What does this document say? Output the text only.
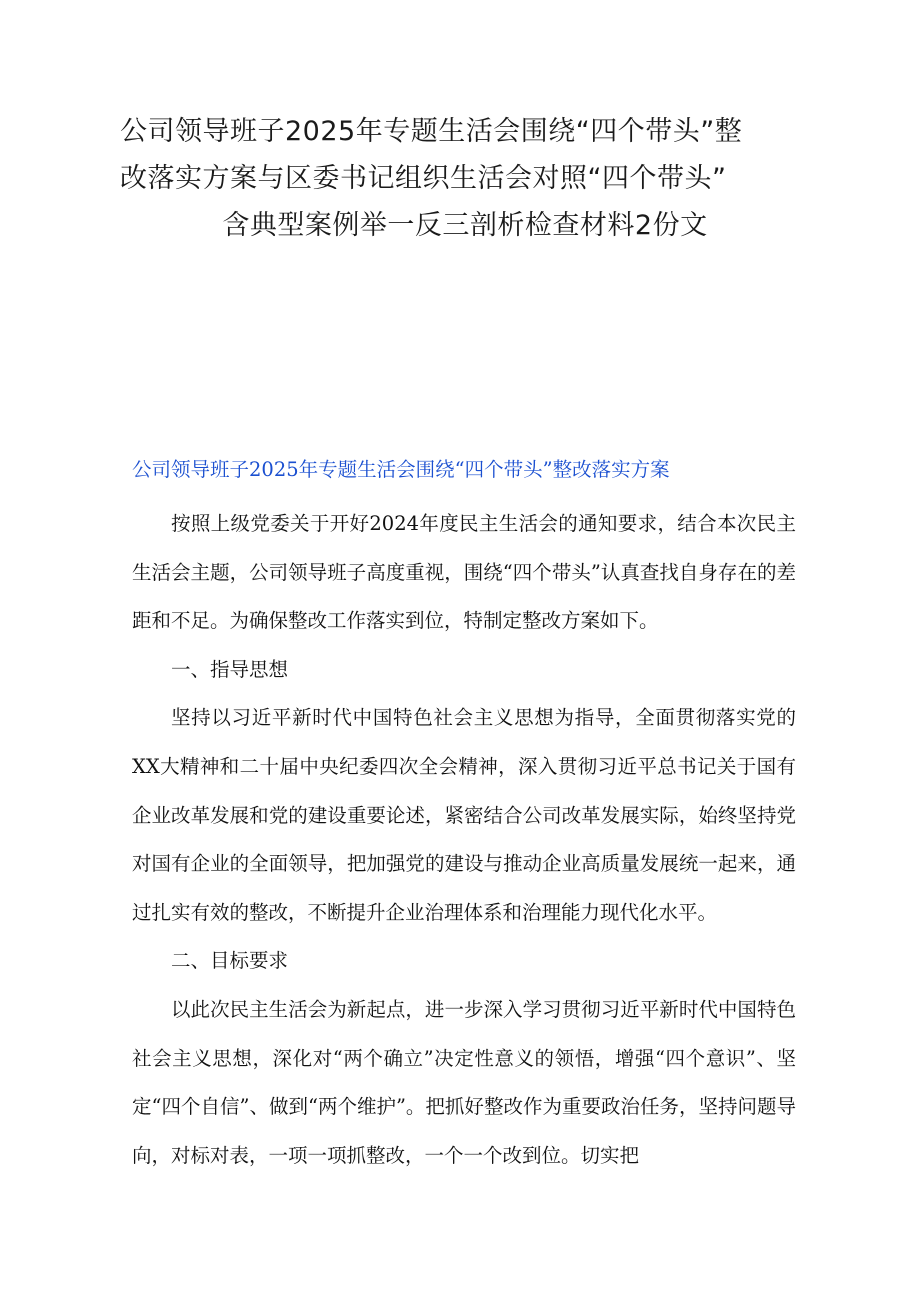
公司领导班子2025年专题生活会围绕“四个带头”整
改落实方案与区委书记组织生活会对照“四个带头”
含典型案例举一反三剖析检查材料2份文
公司领导班子2025年专题生活会围绕“四个带头”整改落实方案

按照上级党委关于开好2024年度民主生活会的通知要求，结合本次民主生活会主题，公司领导班子高度重视，围绕“四个带头”认真查找自身存在的差距和不足。为确保整改工作落实到位，特制定整改方案如下。

一、指导思想

坚持以习近平新时代中国特色社会主义思想为指导，全面贯彻落实党的XX大精神和二十届中央纪委四次全会精神，深入贯彻习近平总书记关于国有企业改革发展和党的建设重要论述，紧密结合公司改革发展实际，始终坚持党对国有企业的全面领导，把加强党的建设与推动企业高质量发展统一起来，通过扎实有效的整改，不断提升企业治理体系和治理能力现代化水平。

二、目标要求

以此次民主生活会为新起点，进一步深入学习贯彻习近平新时代中国特色社会主义思想，深化对“两个确立”决定性意义的领悟，增强“四个意识”、坚定“四个自信”、做到“两个维护”。把抓好整改作为重要政治任务，坚持问题导向，对标对表，一项一项抓整改，一个一个改到位。切实把
